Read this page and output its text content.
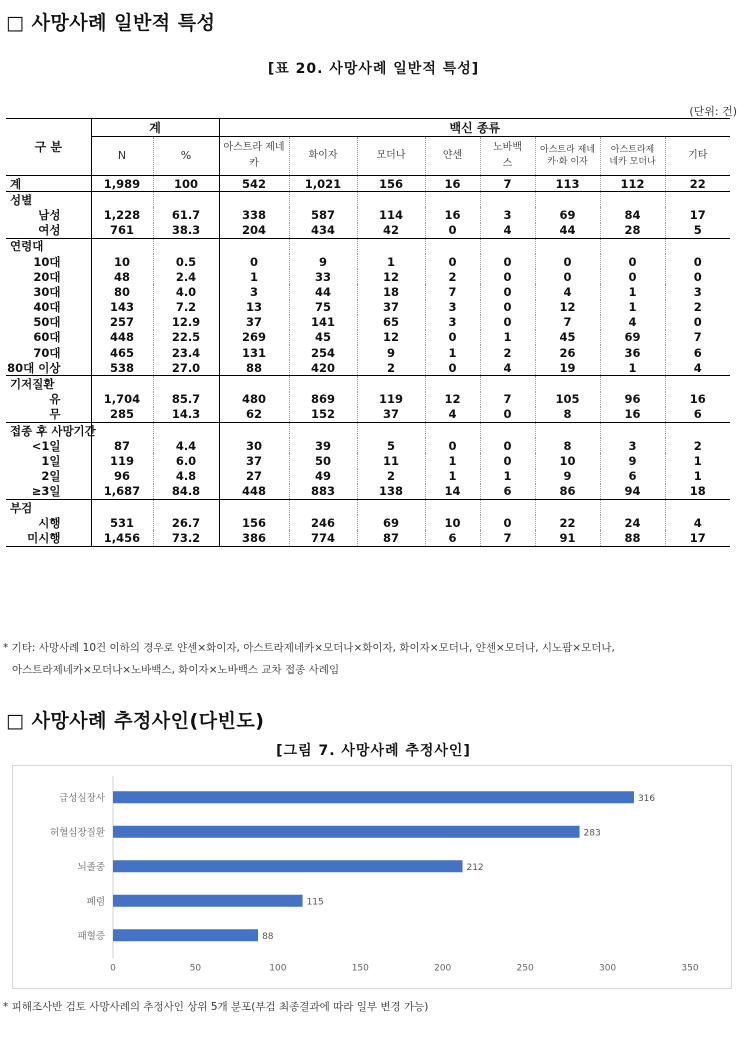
□ 사망사례 일반적 특성
[표 20. 사망사례 일반적 특성]
(단위: 건)
구 분	계		백신 종류							
	N	%	아스트라 제네카	화이자	모더나	얀센	노바백스	아스트라 제네카·화 이자	아스트라제 네카 모더나	기타
계	1,989	100	542	1,021	156	16	7	113	112	22
성별										
남성	1,228	61.7	338	587	114	16	3	69	84	17
여성	761	38.3	204	434	42	0	4	44	28	5
연령대										
10대	10	0.5	0	9	1	0	0	0	0	0
20대	48	2.4	1	33	12	2	0	0	0	0
30대	80	4.0	3	44	18	7	0	4	1	3
40대	143	7.2	13	75	37	3	0	12	1	2
50대	257	12.9	37	141	65	3	0	7	4	0
60대	448	22.5	269	45	12	0	1	45	69	7
70대	465	23.4	131	254	9	1	2	26	36	6
80대 이상	538	27.0	88	420	2	0	4	19	1	4
기저질환										
유	1,704	85.7	480	869	119	12	7	105	96	16
무	285	14.3	62	152	37	4	0	8	16	6
접종 후 사망기간										
<1일	87	4.4	30	39	5	0	0	8	3	2
1일	119	6.0	37	50	11	1	0	10	9	1
2일	96	4.8	27	49	2	1	1	9	6	1
≥3일	1,687	84.8	448	883	138	14	6	86	94	18
부검										
시행	531	26.7	156	246	69	10	0	22	24	4
미시행	1,456	73.2	386	774	87	6	7	91	88	17
* 기타: 사망사례 10건 이하의 경우로 얀센×화이자, 아스트라제네카×모더나×화이자, 화이자×모더나, 얀센×모더나, 시노팜×모더나,
아스트라제네카×모더나×노바백스, 화이자×노바백스 교차 접종 사례임
□ 사망사례 추정사인(다빈도)
[그림 7. 사망사례 추정사인]
0	50	100	150	200	250	300	350
급성심장사	316
허혈심장질환	283
뇌졸중	212
폐렴	115
패혈증	88
* 피해조사반 검토 사망사례의 추정사인 상위 5개 분포(부검 최종결과에 따라 일부 변경 가능)
